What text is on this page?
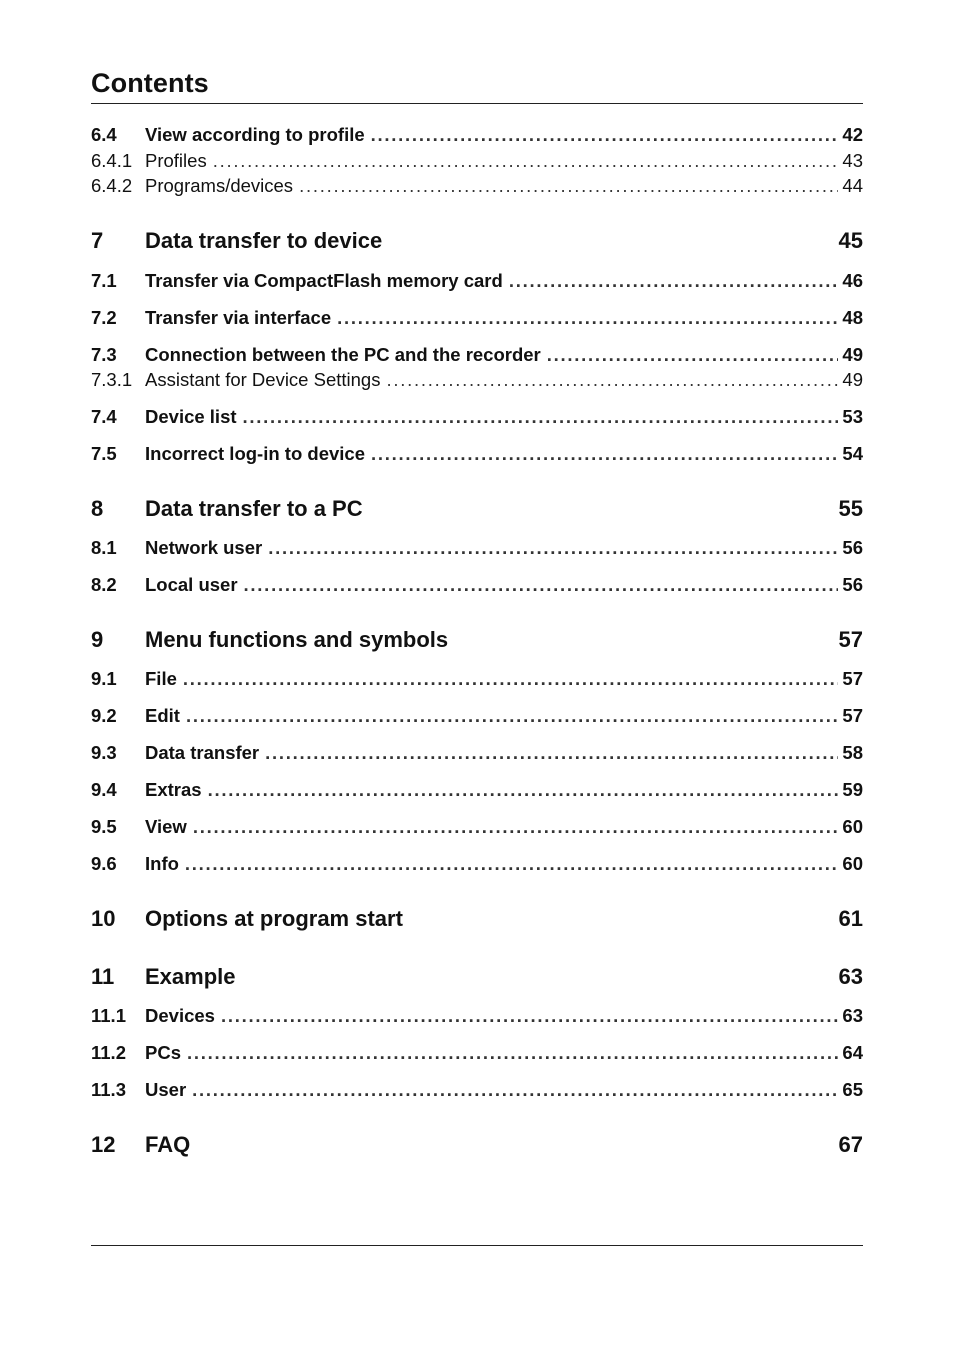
Contents
6.4	View according to profile . . .	42
6.4.1 Profiles . . .	43
6.4.2 Programs/devices . . .	44
7	Data transfer to device	45
7.1	Transfer via CompactFlash memory card . . .	46
7.2	Transfer via interface . . .	48
7.3	Connection between the PC and the recorder . . .	49
7.3.1 Assistant for Device Settings . . .	49
7.4	Device list . . .	53
7.5	Incorrect log-in to device . . .	54
8	Data transfer to a PC	55
8.1	Network user . . .	56
8.2	Local user . . .	56
9	Menu functions and symbols	57
9.1	File . . .	57
9.2	Edit . . .	57
9.3	Data transfer . . .	58
9.4	Extras . . .	59
9.5	View . . .	60
9.6	Info . . .	60
10	Options at program start	61
11	Example	63
11.1	Devices . . .	63
11.2	PCs . . .	64
11.3	User . . .	65
12	FAQ	67
